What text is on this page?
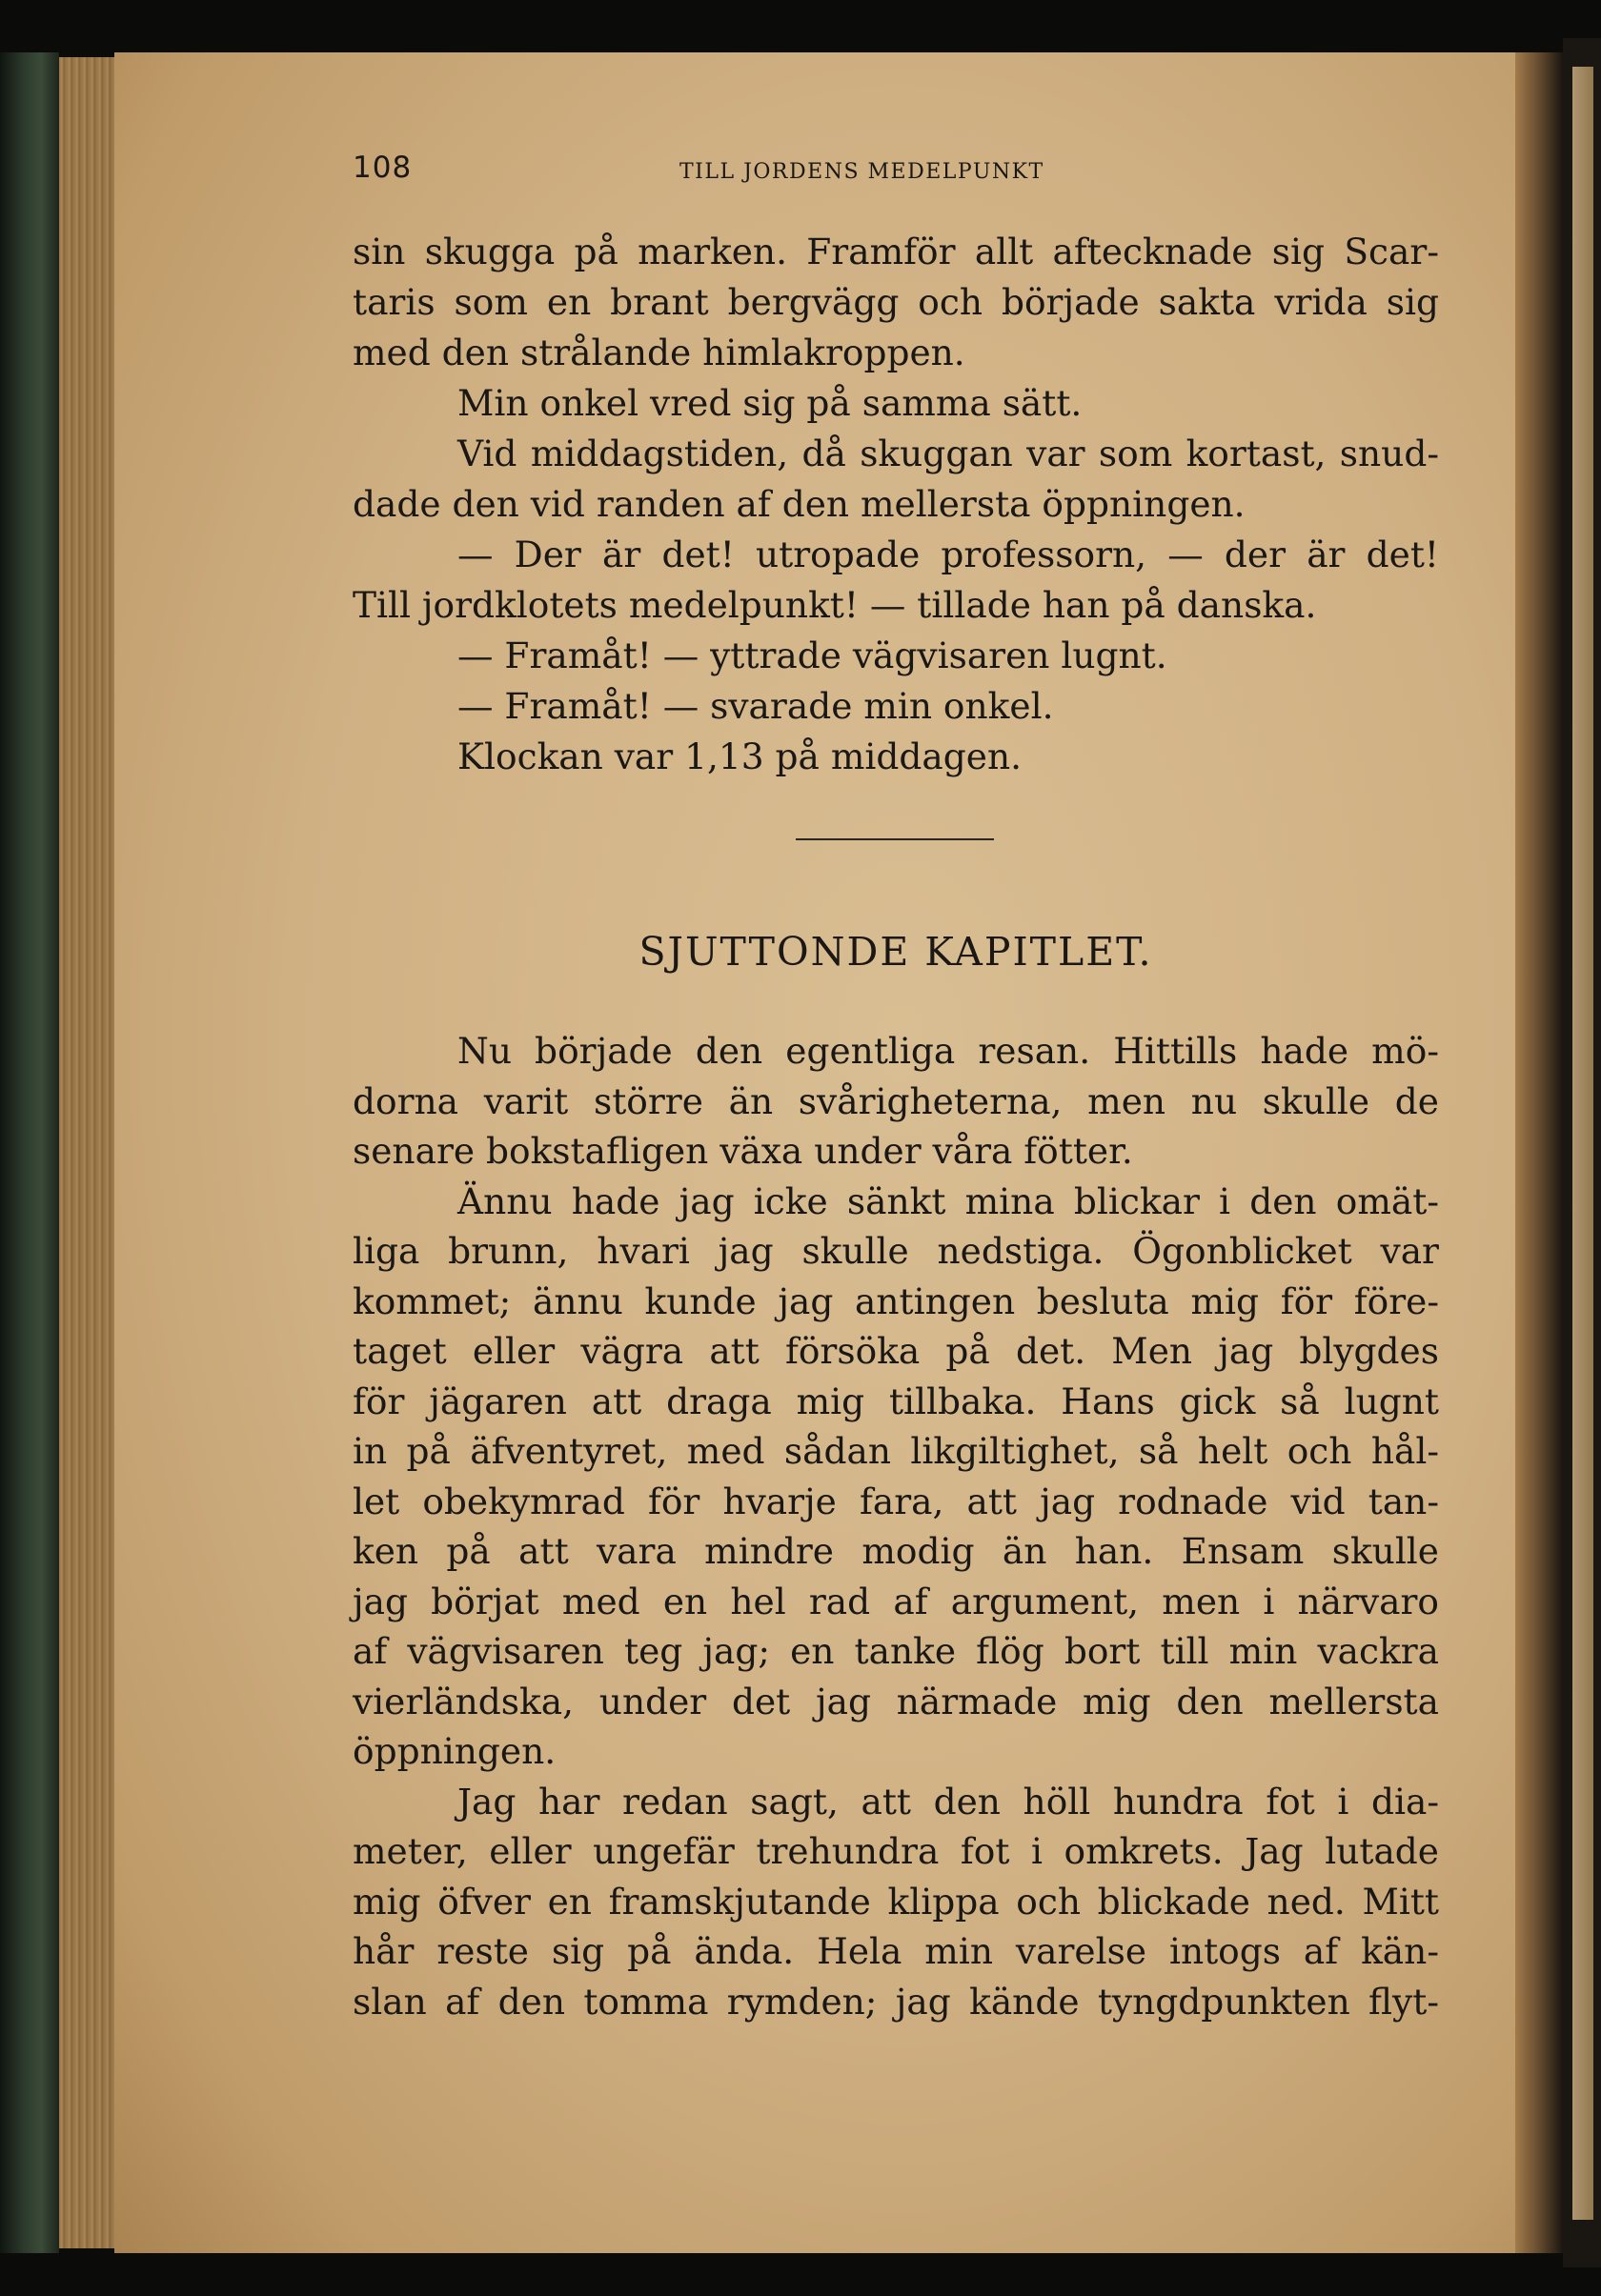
108	TILL JORDENS MEDELPUNKT
sin skugga på marken. Framför allt aftecknade sig Scar-
taris som en brant bergvägg och började sakta vrida sig
med den strålande himlakroppen.
Min onkel vred sig på samma sätt.
Vid middagstiden, då skuggan var som kortast, snud-
dade den vid randen af den mellersta öppningen.
— Der är det! utropade professorn, — der är det!
Till jordklotets medelpunkt! — tillade han på danska.
— Framåt! — yttrade vägvisaren lugnt.
— Framåt! — svarade min onkel.
Klockan var 1,13 på middagen.
SJUTTONDE KAPITLET.
Nu började den egentliga resan. Hittills hade mö-
dorna varit större än svårigheterna, men nu skulle de
senare bokstafligen växa under våra fötter.
Ännu hade jag icke sänkt mina blickar i den omät-
liga brunn, hvari jag skulle nedstiga. Ögonblicket var
kommet; ännu kunde jag antingen besluta mig för före-
taget eller vägra att försöka på det. Men jag blygdes
för jägaren att draga mig tillbaka. Hans gick så lugnt
in på äfventyret, med sådan likgiltighet, så helt och hål-
let obekymrad för hvarje fara, att jag rodnade vid tan-
ken på att vara mindre modig än han. Ensam skulle
jag börjat med en hel rad af argument, men i närvaro
af vägvisaren teg jag; en tanke flög bort till min vackra
vierländska, under det jag närmade mig den mellersta
öppningen.
Jag har redan sagt, att den höll hundra fot i dia-
meter, eller ungefär trehundra fot i omkrets. Jag lutade
mig öfver en framskjutande klippa och blickade ned. Mitt
hår reste sig på ända. Hela min varelse intogs af kän-
slan af den tomma rymden; jag kände tyngdpunkten flyt-
